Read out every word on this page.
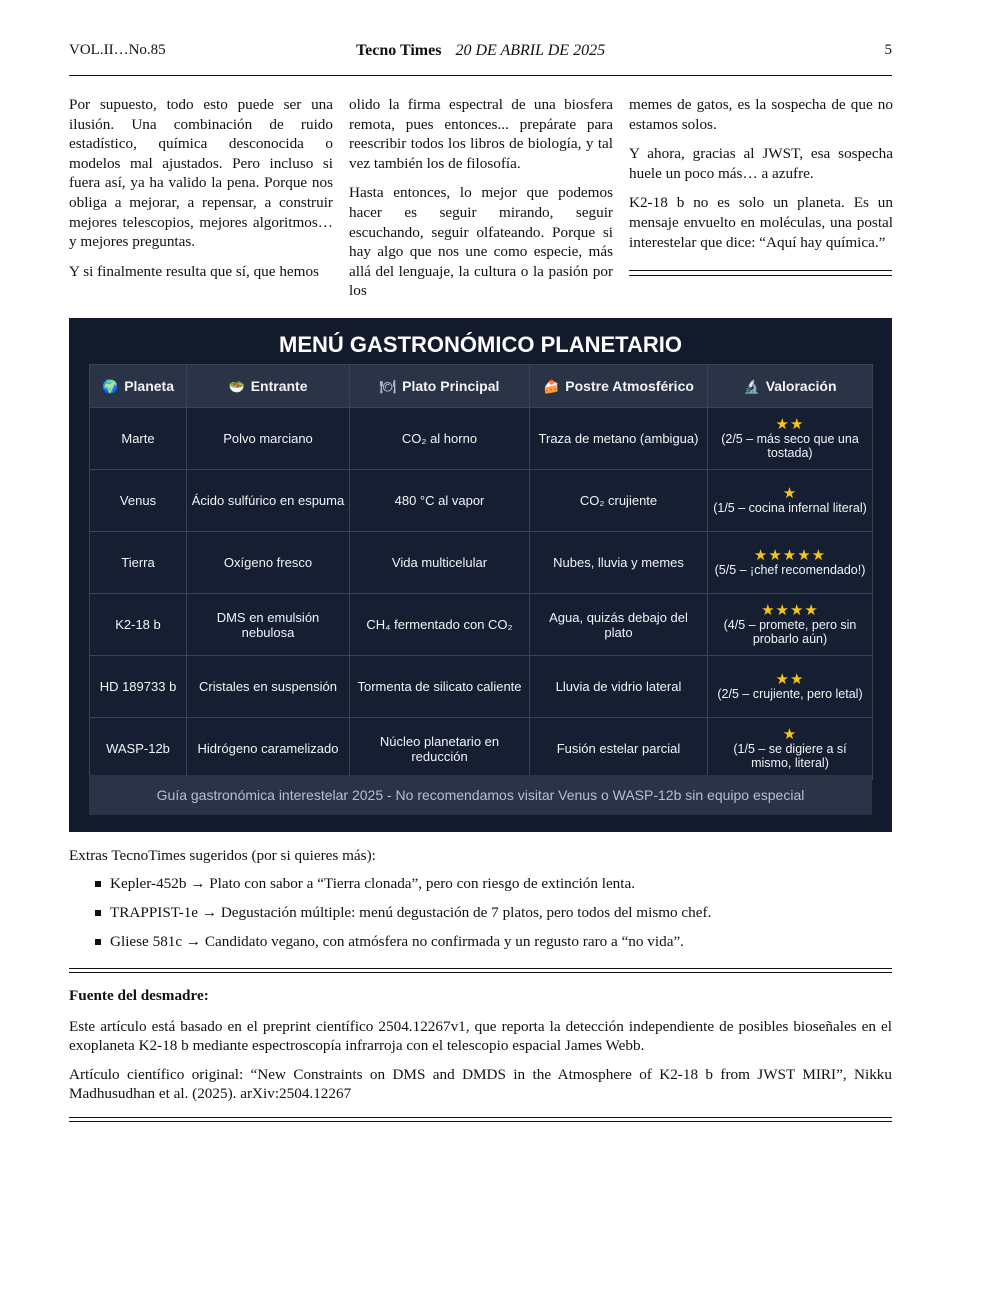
VOL.II…No.85	Tecno Times 20 DE ABRIL DE 2025	5

Por supuesto, todo esto puede ser una ilusión. Una combinación de ruido estadístico, química desconocida o modelos mal ajustados. Pero incluso si fuera así, ya ha valido la pena. Porque nos obliga a mejorar, a repensar, a construir mejores telescopios, mejores algoritmos… y mejores preguntas.

Y si finalmente resulta que sí, que hemos

olido la firma espectral de una biosfera remota, pues entonces... prepárate para reescribir todos los libros de biología, y tal vez también los de filosofía.

Hasta entonces, lo mejor que podemos hacer es seguir mirando, seguir escuchando, seguir olfateando. Porque si hay algo que nos une como especie, más allá del lenguaje, la cultura o la pasión por los

memes de gatos, es la sospecha de que no estamos solos.

Y ahora, gracias al JWST, esa sospecha huele un poco más… a azufre.

K2-18 b no es solo un planeta. Es un mensaje envuelto en moléculas, una postal interestelar que dice: “Aquí hay química.”

MENÚ GASTRONÓMICO PLANETARIO
🌍 Planeta	🥗 Entrante	🍽 Plato Principal	🍰 Postre Atmosférico	🔬 Valoración
Marte	Polvo marciano	CO₂ al horno	Traza de metano (ambigua)	★★
(2/5 – más seco que una tostada)

Venus	Ácido sulfúrico en espuma	480 °C al vapor	CO₂ crujiente	★
(1/5 – cocina infernal literal)

Tierra	Oxígeno fresco	Vida multicelular	Nubes, lluvia y memes	★★★★★
(5/5 – ¡chef recomendado!)

K2-18 b	DMS en emulsión nebulosa	CH₄ fermentado con CO₂	Agua, quizás debajo del plato	★★★★
(4/5 – promete, pero sin probarlo aún)

HD 189733 b	Cristales en suspensión	Tormenta de silicato caliente	Lluvia de vidrio lateral	★★
(2/5 – crujiente, pero letal)

WASP-12b	Hidrógeno caramelizado	Núcleo planetario en reducción	Fusión estelar parcial	★
(1/5 – se digiere a sí mismo, literal)
Guía gastronómica interestelar 2025 - No recomendamos visitar Venus o WASP-12b sin equipo especial

Extras TecnoTimes sugeridos (por si quieres más):

Kepler-452b → Plato con sabor a “Tierra clonada”, pero con riesgo de extinción lenta.
TRAPPIST-1e → Degustación múltiple: menú degustación de 7 platos, pero todos del mismo chef.
Gliese 581c → Candidato vegano, con atmósfera no confirmada y un regusto raro a “no vida”.
Fuente del desmadre:

Este artículo está basado en el preprint científico 2504.12267v1, que reporta la detección independiente de posibles bioseñales en el exoplaneta K2-18 b mediante espectroscopía infrarroja con el telescopio espacial James Webb.

Artículo científico original: “New Constraints on DMS and DMDS in the Atmosphere of K2-18 b from JWST MIRI”, Nikku Madhusudhan et al. (2025). arXiv:2504.12267
